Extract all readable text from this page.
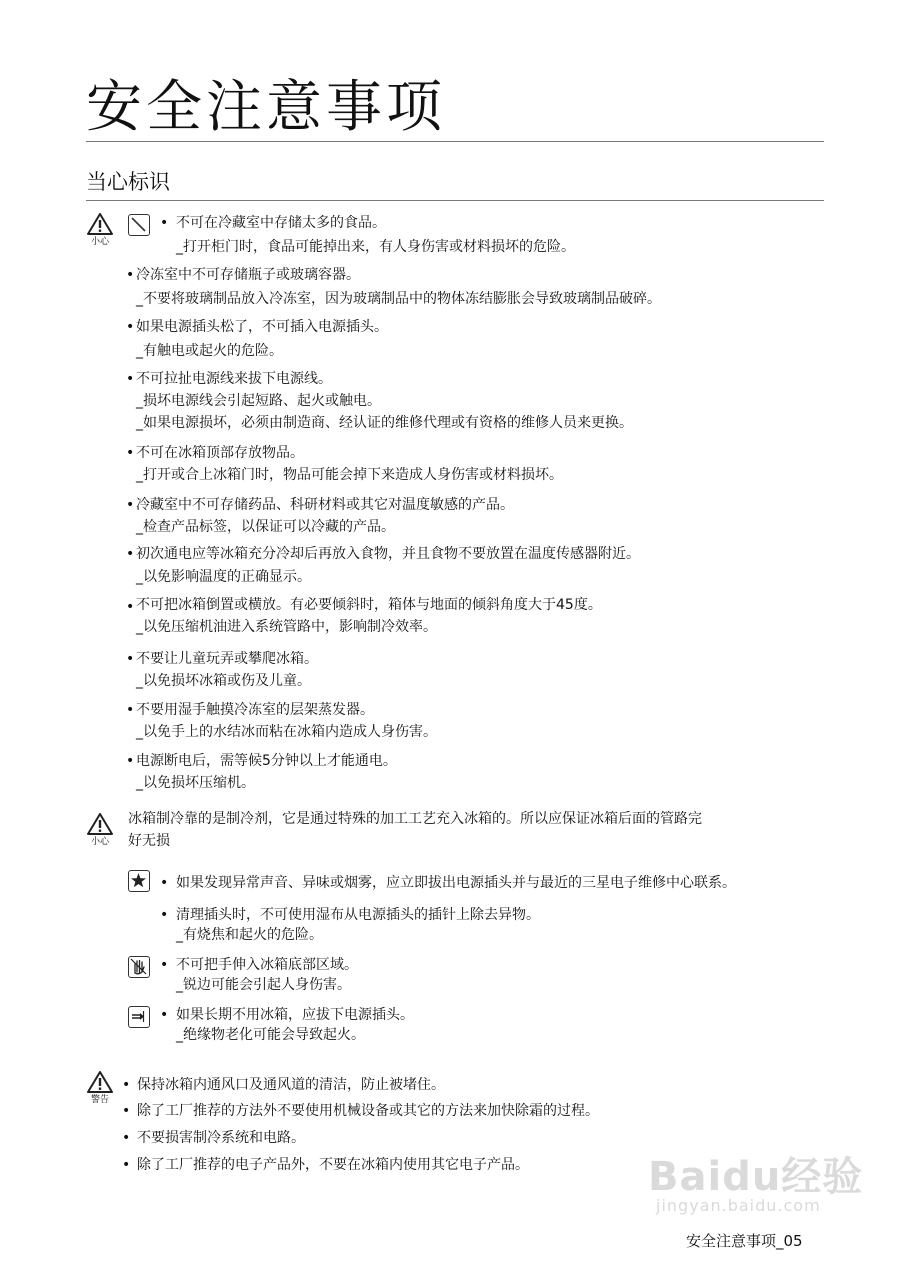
安全注意事项
当心标识
小心
小心
警告
• 不可在冷藏室中存储太多的食品。
_打开柜门时，食品可能掉出来，有人身伤害或材料损坏的危险。
• 冷冻室中不可存储瓶子或玻璃容器。
_不要将玻璃制品放入冷冻室，因为玻璃制品中的物体冻结膨胀会导致玻璃制品破碎。
• 如果电源插头松了，不可插入电源插头。
_有触电或起火的危险。
• 不可拉扯电源线来拔下电源线。
_损坏电源线会引起短路、起火或触电。
_如果电源损坏，必须由制造商、经认证的维修代理或有资格的维修人员来更换。
• 不可在冰箱顶部存放物品。
_打开或合上冰箱门时，物品可能会掉下来造成人身伤害或材料损坏。
• 冷藏室中不可存储药品、科研材料或其它对温度敏感的产品。
_检查产品标签，以保证可以冷藏的产品。
• 初次通电应等冰箱充分冷却后再放入食物，并且食物不要放置在温度传感器附近。
_以免影响温度的正确显示。
• 不可把冰箱倒置或横放。有必要倾斜时，箱体与地面的倾斜角度大于45度。
_以免压缩机油进入系统管路中，影响制冷效率。
• 不要让儿童玩弄或攀爬冰箱。
_以免损坏冰箱或伤及儿童。
• 不要用湿手触摸冷冻室的层架蒸发器。
_以免手上的水结冰而粘在冰箱内造成人身伤害。
• 电源断电后，需等候5分钟以上才能通电。
_以免损坏压缩机。
冰箱制冷靠的是制冷剂，它是通过特殊的加工工艺充入冰箱的。所以应保证冰箱后面的管路完
好无损
• 如果发现异常声音、异味或烟雾，应立即拔出电源插头并与最近的三星电子维修中心联系。
• 清理插头时，不可使用湿布从电源插头的插针上除去异物。
_有烧焦和起火的危险。
• 不可把手伸入冰箱底部区域。
_锐边可能会引起人身伤害。
• 如果长期不用冰箱，应拔下电源插头。
_绝缘物老化可能会导致起火。
• 保持冰箱内通风口及通风道的清洁，防止被堵住。
• 除了工厂推荐的方法外不要使用机械设备或其它的方法来加快除霜的过程。
• 不要损害制冷系统和电路。
• 除了工厂推荐的电子产品外，不要在冰箱内使用其它电子产品。	Baidu经验
jingyan.baidu.com
安全注意事项_05
